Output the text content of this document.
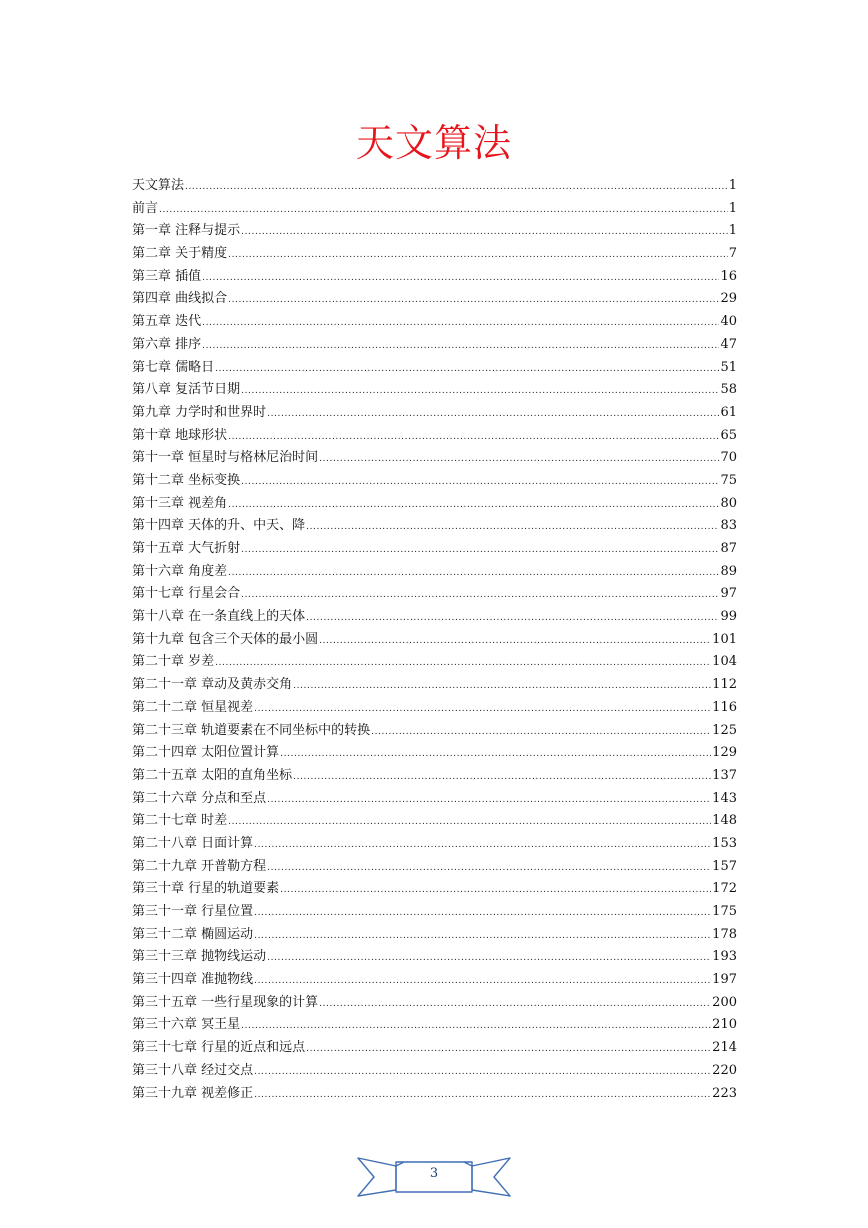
天文算法
天文算法 .....	1
前言 .....	1
第一章 注释与提示 .....	1
第二章 关于精度 .....	7
第三章 插值 .....	16
第四章 曲线拟合 .....	29
第五章 迭代 .....	40
第六章 排序 .....	47
第七章 儒略日 .....	51
第八章 复活节日期 .....	58
第九章 力学时和世界时 .....	61
第十章 地球形状 .....	65
第十一章 恒星时与格林尼治时间 .....	70
第十二章 坐标变换 .....	75
第十三章 视差角 .....	80
第十四章 天体的升、中天、降 .....	83
第十五章 大气折射 .....	87
第十六章 角度差 .....	89
第十七章 行星会合 .....	97
第十八章 在一条直线上的天体 .....	99
第十九章 包含三个天体的最小圆 .....	101
第二十章 岁差 .....	104
第二十一章 章动及黄赤交角 .....	112
第二十二章 恒星视差 .....	116
第二十三章 轨道要素在不同坐标中的转换 .....	125
第二十四章 太阳位置计算 .....	129
第二十五章 太阳的直角坐标 .....	137
第二十六章 分点和至点 .....	143
第二十七章 时差 .....	148
第二十八章 日面计算 .....	153
第二十九章 开普勒方程 .....	157
第三十章 行星的轨道要素 .....	172
第三十一章 行星位置 .....	175
第三十二章 椭圆运动 .....	178
第三十三章 抛物线运动 .....	193
第三十四章 准抛物线 .....	197
第三十五章 一些行星现象的计算 .....	200
第三十六章 冥王星 .....	210
第三十七章 行星的近点和远点 .....	214
第三十八章 经过交点 .....	220
第三十九章 视差修正 .....	223
3
